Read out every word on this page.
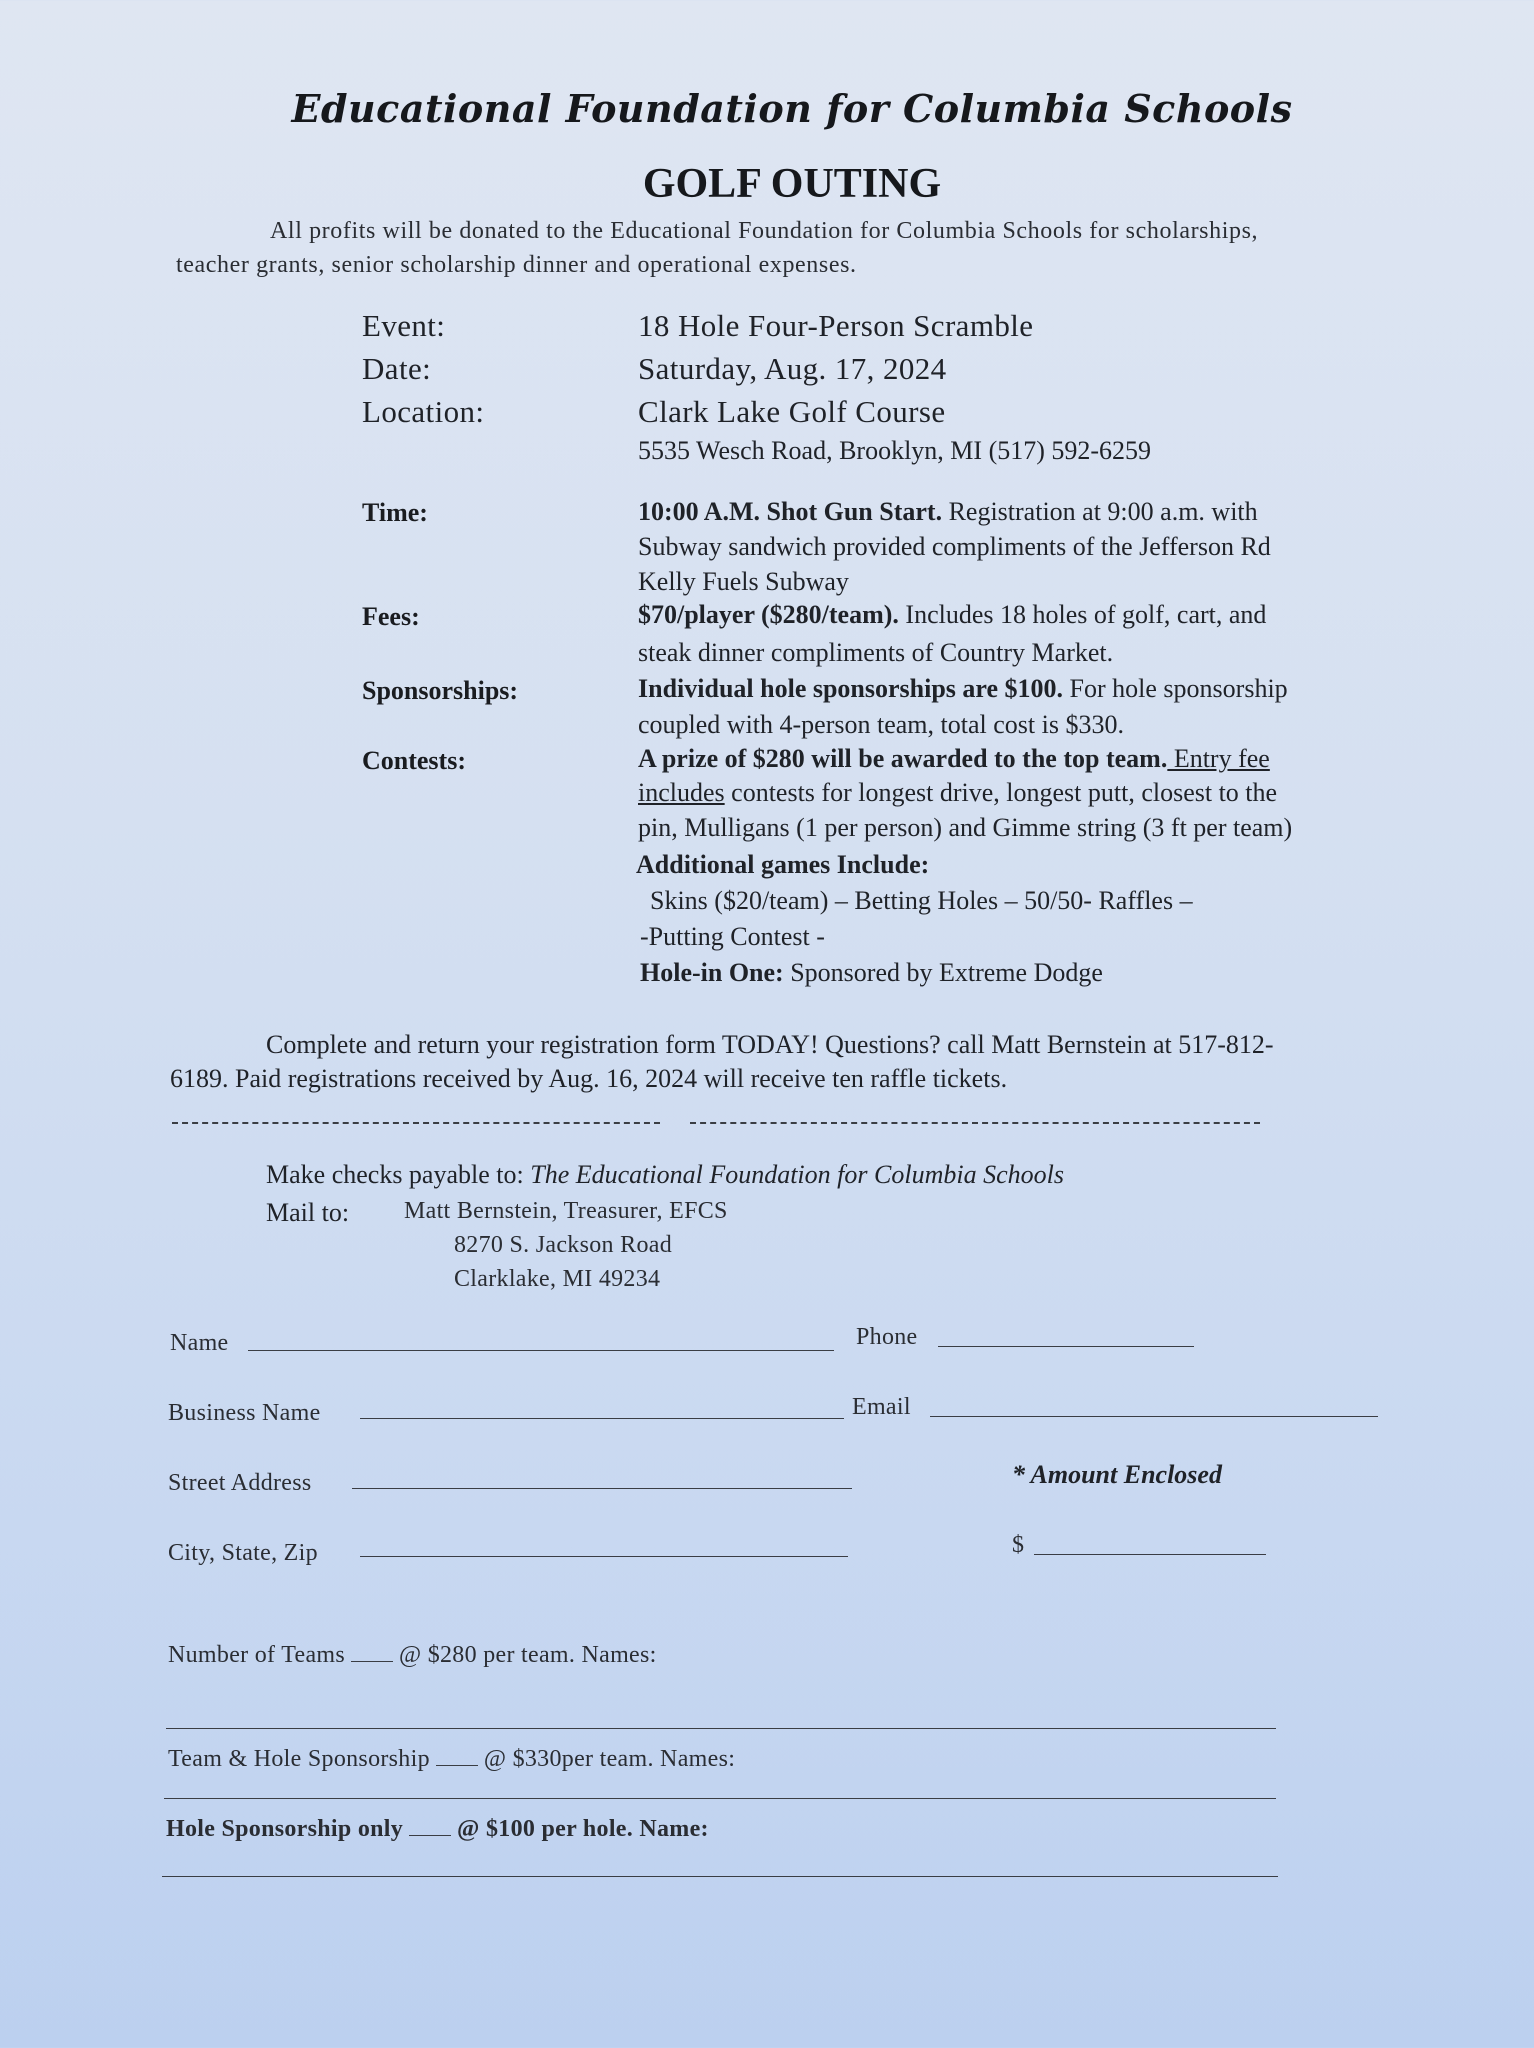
Educational Foundation for Columbia Schools
GOLF OUTING
All profits will be donated to the Educational Foundation for Columbia Schools for scholarships,
teacher grants, senior scholarship dinner and operational expenses.
Event:	18 Hole Four-Person Scramble
Date:	Saturday, Aug. 17, 2024
Location:	Clark Lake Golf Course
5535 Wesch Road, Brooklyn, MI (517) 592-6259
Time:	10:00 A.M. Shot Gun Start. Registration at 9:00 a.m. with
Subway sandwich provided compliments of the Jefferson Rd
Kelly Fuels Subway
Fees:	$70/player ($280/team). Includes 18 holes of golf, cart, and
steak dinner compliments of Country Market.
Sponsorships:	Individual hole sponsorships are $100. For hole sponsorship
coupled with 4-person team, total cost is $330.
Contests:	A prize of $280 will be awarded to the top team. Entry fee
includes contests for longest drive, longest putt, closest to the
pin, Mulligans (1 per person) and Gimme string (3 ft per team)
Additional games Include:
Skins ($20/team) – Betting Holes – 50/50- Raffles –
-Putting Contest -
Hole-in One: Sponsored by Extreme Dodge
Complete and return your registration form TODAY! Questions? call Matt Bernstein at 517-812-
6189. Paid registrations received by Aug. 16, 2024 will receive ten raffle tickets.
Make checks payable to: The Educational Foundation for Columbia Schools
Mail to: Matt Bernstein, Treasurer, EFCS
8270 S. Jackson Road
Clarklake, MI 49234
Name	Phone
Business Name	Email
Street Address	* Amount Enclosed
City, State, Zip	$
Number of Teams @ $280 per team. Names:
Team & Hole Sponsorship @ $330per team. Names:
Hole Sponsorship only @ $100 per hole. Name:
